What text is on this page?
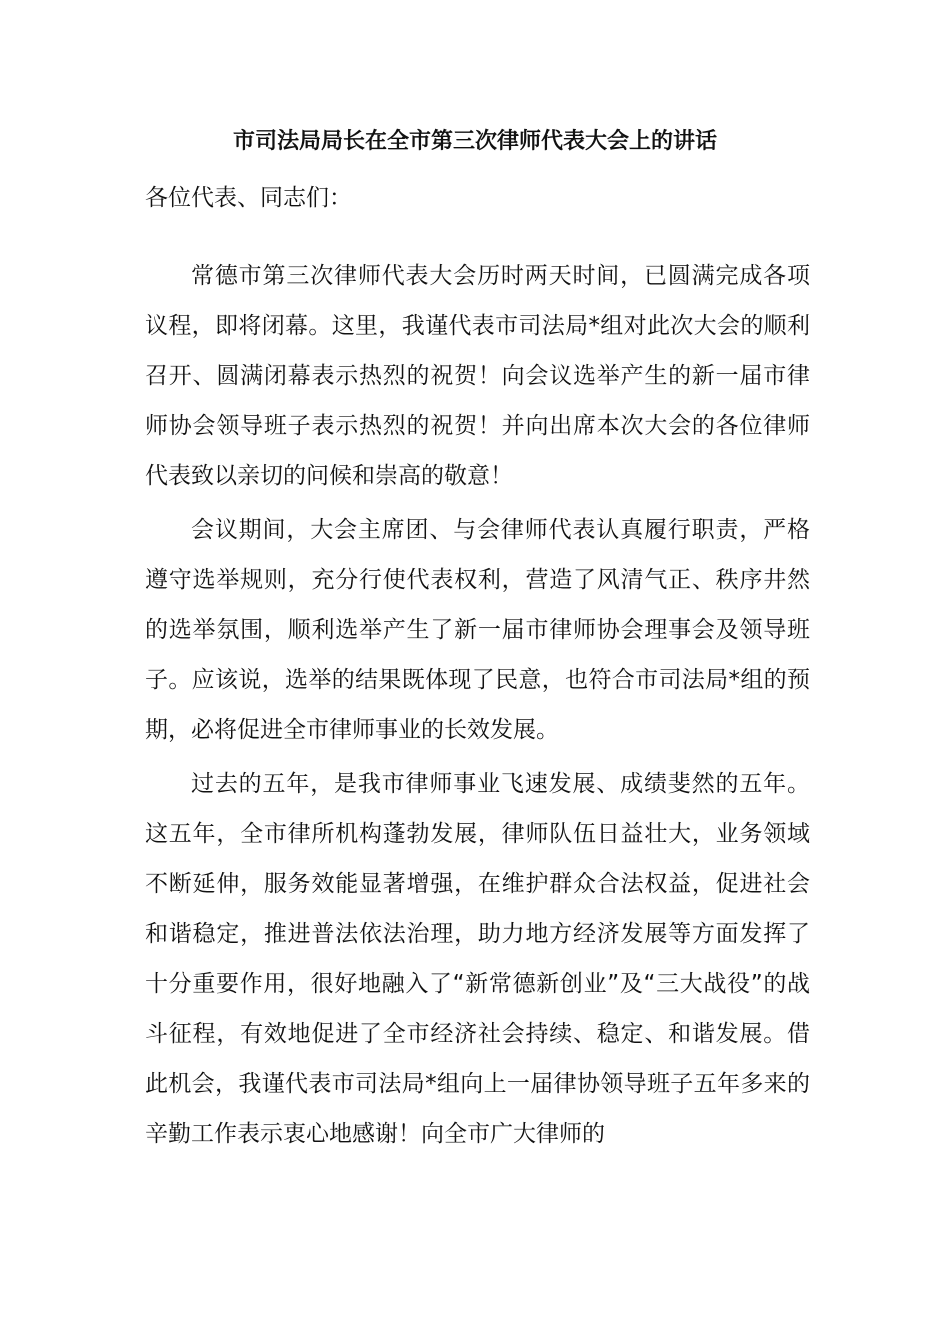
市司法局局长在全市第三次律师代表大会上的讲话
各位代表、同志们：

常德市第三次律师代表大会历时两天时间，已圆满完成各项议程，即将闭幕。这里，我谨代表市司法局*组对此次大会的顺利召开、圆满闭幕表示热烈的祝贺！向会议选举产生的新一届市律师协会领导班子表示热烈的祝贺！并向出席本次大会的各位律师代表致以亲切的问候和崇高的敬意！

会议期间，大会主席团、与会律师代表认真履行职责，严格遵守选举规则，充分行使代表权利，营造了风清气正、秩序井然的选举氛围，顺利选举产生了新一届市律师协会理事会及领导班子。应该说，选举的结果既体现了民意，也符合市司法局*组的预期，必将促进全市律师事业的长效发展。

过去的五年，是我市律师事业飞速发展、成绩斐然的五年。这五年，全市律所机构蓬勃发展，律师队伍日益壮大，业务领域不断延伸，服务效能显著增强，在维护群众合法权益，促进社会和谐稳定，推进普法依法治理，助力地方经济发展等方面发挥了十分重要作用，很好地融入了“新常德新创业”及“三大战役”的战斗征程，有效地促进了全市经济社会持续、稳定、和谐发展。借此机会，我谨代表市司法局*组向上一届律协领导班子五年多来的辛勤工作表示衷心地感谢！向全市广大律师的
